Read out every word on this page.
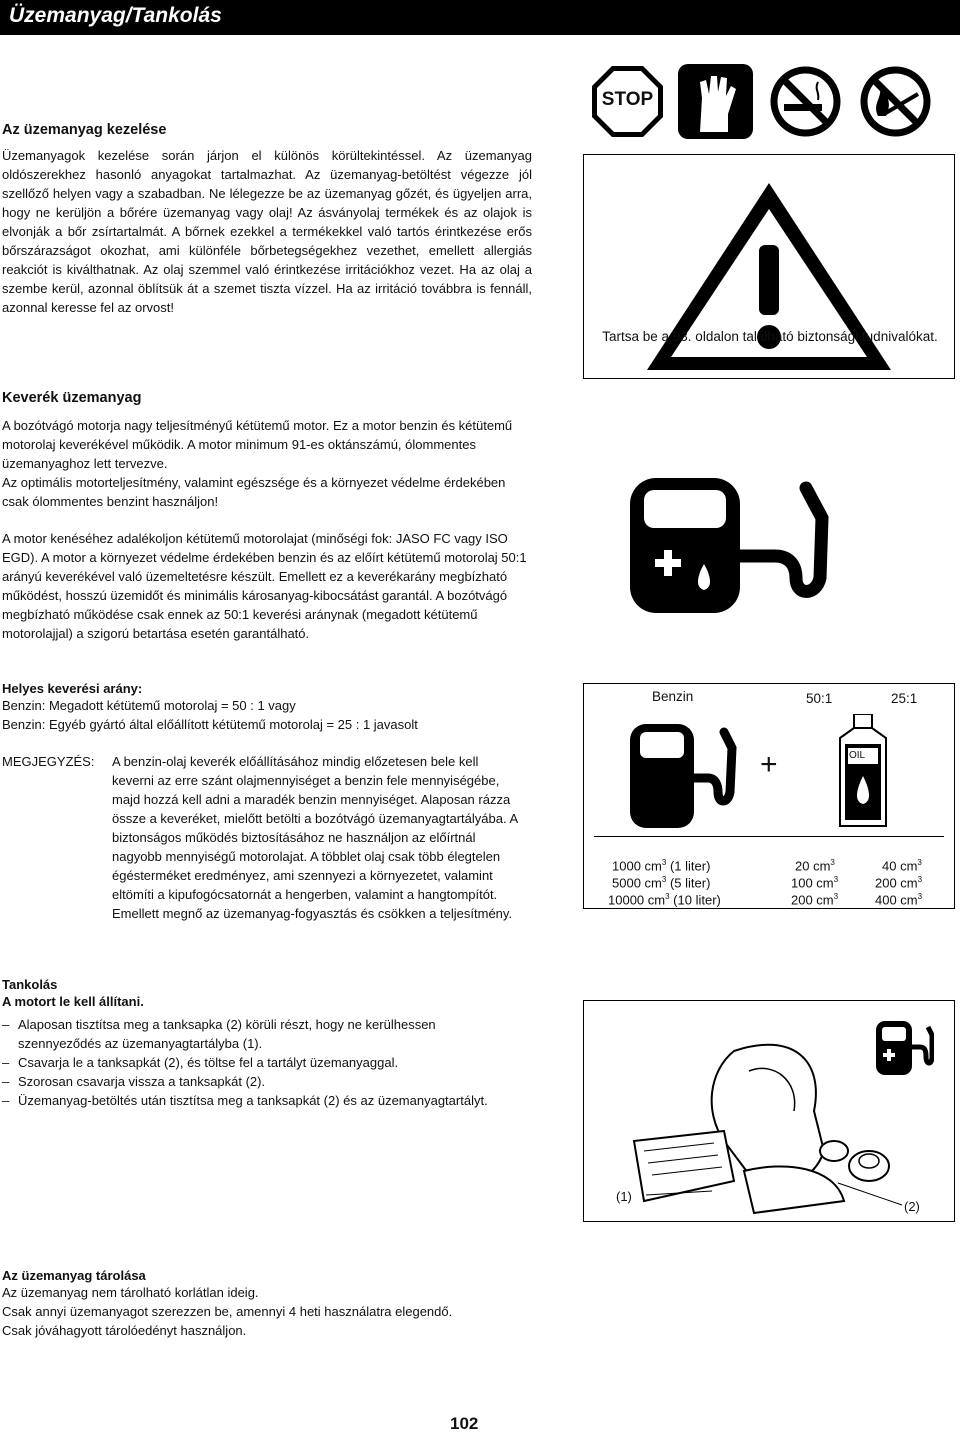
Üzemanyag/Tankolás

Az üzemanyag kezelése

Üzemanyagok kezelése során járjon el különös körültekintéssel. Az üzemanyag oldószerekhez hasonló anyagokat tartalmazhat. Az üzemanyag-betöltést végezze jól szellőző helyen vagy a szabadban. Ne lélegezze be az üzemanyag gőzét, és ügyeljen arra, hogy ne kerüljön a bőrére üzemanyag vagy olaj! Az ásványolaj termékek és az olajok is elvonják a bőr zsírtartalmát. A bőrnek ezekkel a termékekkel való tartós érintkezése erős bőrszárazságot okozhat, ami különféle bőrbetegségekhez vezethet, emellett allergiás reakciót is kiválthatnak. Az olaj szemmel való érintkezése irritációkhoz vezet. Ha az olaj a szembe kerül, azonnal öblítsük át a szemet tiszta vízzel. Ha az irritáció továbbra is fennáll, azonnal keresse fel az orvost!

Tartsa be a 93. oldalon található biztonsági tudnivalókat.
STOP

Keverék üzemanyag

A bozótvágó motorja nagy teljesítményű kétütemű motor. Ez a motor benzin és kétütemű motorolaj keverékével működik. A motor minimum 91-es oktánszámú, ólommentes üzemanyaghoz lett tervezve.

Az optimális motorteljesítmény, valamint egészsége és a környezet védelme érdekében csak ólommentes benzint használjon!

A motor kenéséhez adalékoljon kétütemű motorolajat (minőségi fok: JASO FC vagy ISO EGD). A motor a környezet védelme érdekében benzin és az előírt kétütemű motorolaj 50:1 arányú keverékével való üzemeltetésre készült. Emellett ez a keverékarány megbízható működést, hosszú üzemidőt és minimális károsanyag-kibocsátást garantál. A bozótvágó megbízható működése csak ennek az 50:1 keverési aránynak (megadott kétütemű motorolajjal) a szigorú betartása esetén garantálható.

Helyes keverési arány:

Benzin: Megadott kétütemű motorolaj = 50 : 1 vagy

Benzin: Egyéb gyártó által előállított kétütemű motorolaj = 25 : 1 javasolt

MEGJEGYZÉS: A benzin-olaj keverék előállításához mindig előzetesen bele kell keverni az erre szánt olajmennyiséget a benzin fele mennyiségébe, majd hozzá kell adni a maradék benzin mennyiséget. Alaposan rázza össze a keveréket, mielőtt betölti a bozótvágó üzemanyagtartályába. A biztonságos működés biztosításához ne használjon az előírtnál nagyobb mennyiségű motorolajat. A többlet olaj csak több élegtelen égésterméket eredményez, ami szennyezi a környezetet, valamint eltömíti a kipufogócsatornát a hengerben, valamint a hangtompítót. Emellett megnő az üzemanyag-fogyasztás és csökken a teljesítmény.

Benzin	50:1	25:1
+	OIL
1000 $cm^3$ (1 liter)	20 $cm^3$	40 $cm^3$
5000 $cm^3$ (5 liter)	100 $cm^3$	200 $cm^3$
10000 $cm^3$ (10 liter)	200 $cm^3$	400 $cm^3$

Tankolás

A motort le kell állítani.

– Alaposan tisztítsa meg a tanksapka (2) körüli részt, hogy ne kerülhessen szennyeződés az üzemanyagtartályba (1).
– Csavarja le a tanksapkát (2), és töltse fel a tartályt üzemanyaggal.
– Szorosan csavarja vissza a tanksapkát (2).
– Üzemanyag-betöltés után tisztítsa meg a tanksapkát (2) és az üzemanyagtartályt.
(1)
(2)

Az üzemanyag tárolása

Az üzemanyag nem tárolható korlátlan ideig.

Csak annyi üzemanyagot szerezzen be, amennyi 4 heti használatra elegendő.

Csak jóváhagyott tárolóedényt használjon.

102
